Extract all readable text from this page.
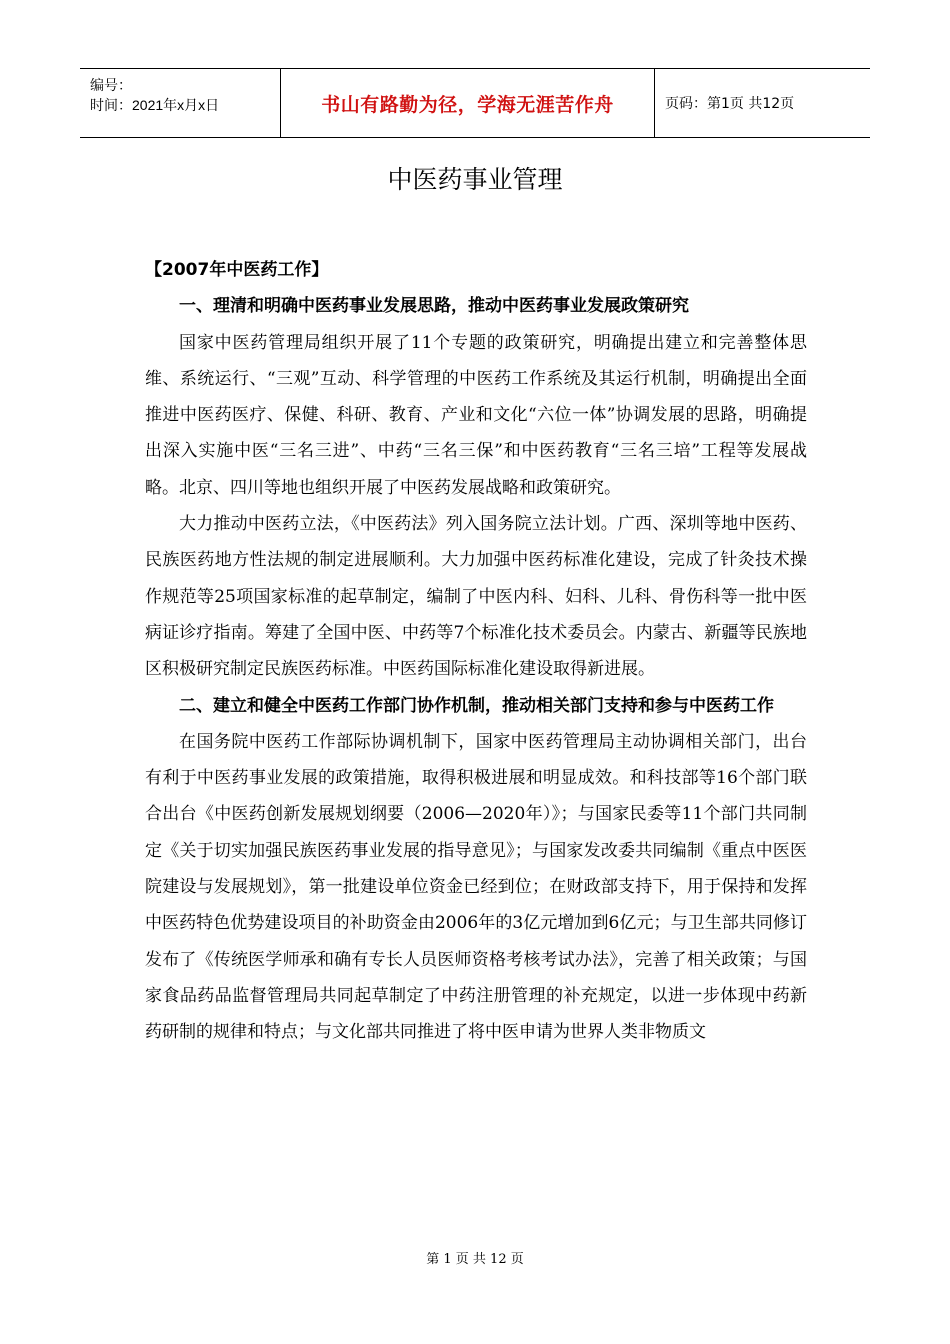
编号：
时间：2021年x月x日	书山有路勤为径，学海无涯苦作舟	页码：第1页 共12页
中医药事业管理

【2007年中医药工作】

一、理清和明确中医药事业发展思路，推动中医药事业发展政策研究

国家中医药管理局组织开展了11个专题的政策研究，明确提出建立和完善整体思维、系统运行、“三观”互动、科学管理的中医药工作系统及其运行机制，明确提出全面推进中医药医疗、保健、科研、教育、产业和文化“六位一体”协调发展的思路，明确提出深入实施中医“三名三进”、中药“三名三保”和中医药教育“三名三培”工程等发展战略。北京、四川等地也组织开展了中医药发展战略和政策研究。

大力推动中医药立法，《中医药法》列入国务院立法计划。广西、深圳等地中医药、民族医药地方性法规的制定进展顺利。大力加强中医药标准化建设，完成了针灸技术操作规范等25项国家标准的起草制定，编制了中医内科、妇科、儿科、骨伤科等一批中医病证诊疗指南。筹建了全国中医、中药等7个标准化技术委员会。内蒙古、新疆等民族地区积极研究制定民族医药标准。中医药国际标准化建设取得新进展。

二、建立和健全中医药工作部门协作机制，推动相关部门支持和参与中医药工作

在国务院中医药工作部际协调机制下，国家中医药管理局主动协调相关部门，出台有利于中医药事业发展的政策措施，取得积极进展和明显成效。和科技部等16个部门联合出台《中医药创新发展规划纲要（2006—2020年）》；与国家民委等11个部门共同制定《关于切实加强民族医药事业发展的指导意见》；与国家发改委共同编制《重点中医医院建设与发展规划》，第一批建设单位资金已经到位；在财政部支持下，用于保持和发挥中医药特色优势建设项目的补助资金由2006年的3亿元增加到6亿元；与卫生部共同修订发布了《传统医学师承和确有专长人员医师资格考核考试办法》，完善了相关政策；与国家食品药品监督管理局共同起草制定了中药注册管理的补充规定，以进一步体现中药新药研制的规律和特点；与文化部共同推进了将中医申请为世界人类非物质文

第 1 页 共 12 页
